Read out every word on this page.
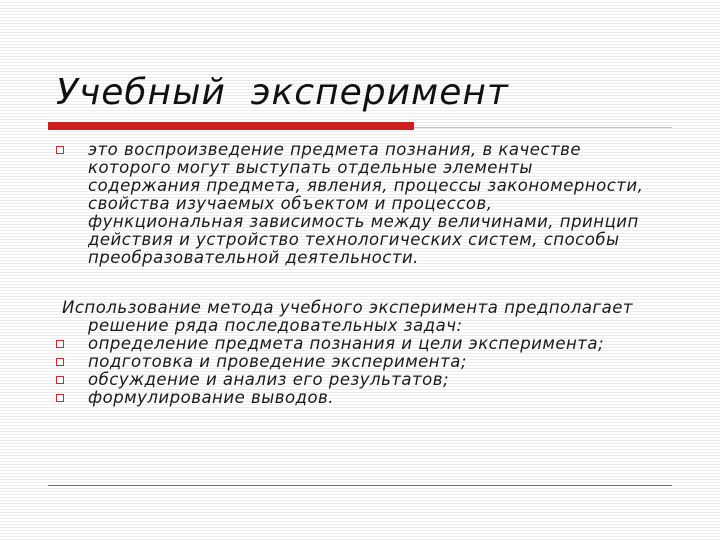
Учебный  эксперимент
это воспроизведение предмета познания, в качестве которого могут выступать отдельные элементы содержания предмета, явления, процессы закономерности, свойства изучаемых объектом и процессов, функциональная зависимость между величинами, принцип действия и устройство технологических систем, способы преобразовательной деятельности.
Использование метода учебного эксперимента предполагает
решение ряда последовательных задач:
определение предмета познания и цели эксперимента;
подготовка и проведение эксперимента;
обсуждение и анализ его результатов;
формулирование выводов.
